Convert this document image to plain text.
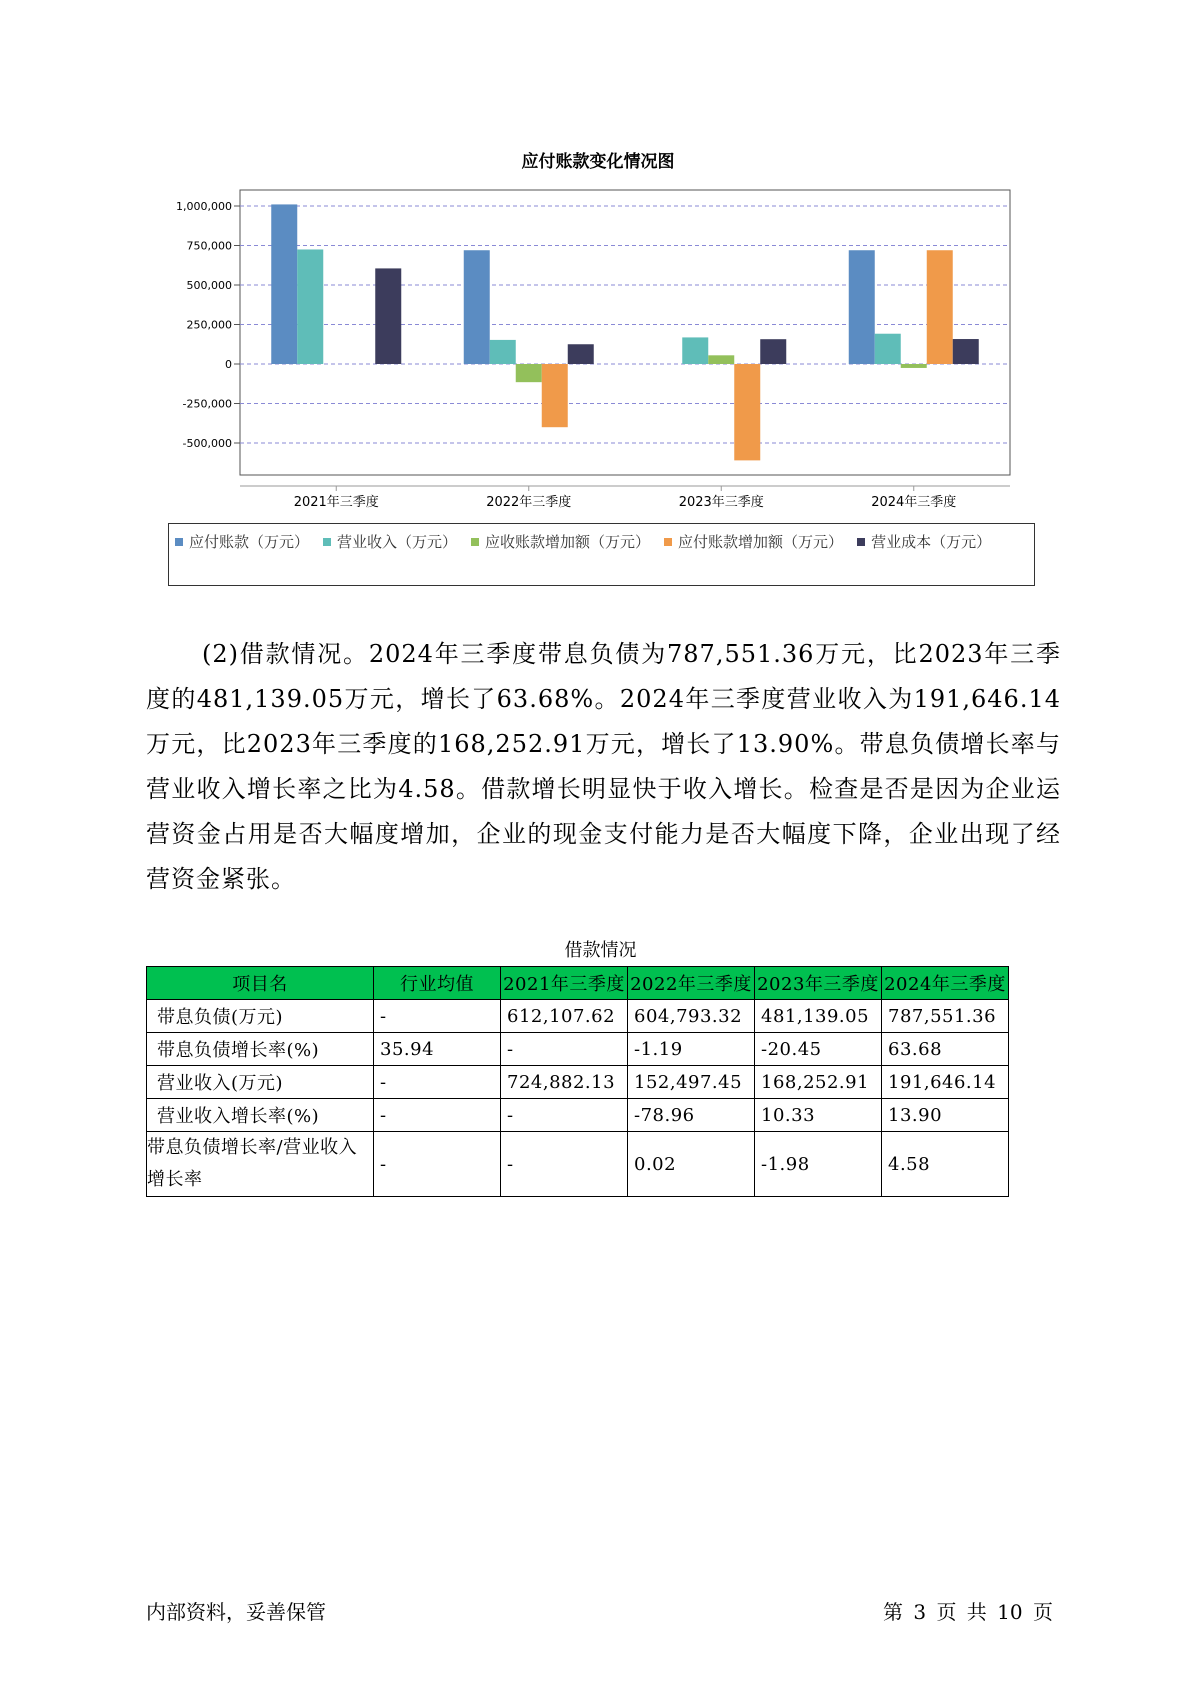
应付账款变化情况图
1,000,000
750,000
500,000
250,000
0
-250,000
-500,000
2021年三季度	2022年三季度	2023年三季度	2024年三季度
应付账款（万元） 营业收入（万元） 应收账款增加额（万元） 应付账款增加额（万元） 营业成本（万元）

(2)借款情况。2024年三季度带息负债为787,551.36万元，比2023年三季度的481,139.05万元，增长了63.68%。2024年三季度营业收入为191,646.14万元，比2023年三季度的168,252.91万元，增长了13.90%。带息负债增长率与营业收入增长率之比为4.58。借款增长明显快于收入增长。检查是否是因为企业运营资金占用是否大幅度增加，企业的现金支付能力是否大幅度下降，企业出现了经营资金紧张。

借款情况
项目名	行业均值	2021年三季度	2022年三季度	2023年三季度	2024年三季度
带息负债(万元)	-	612,107.62	604,793.32	481,139.05	787,551.36
带息负债增长率(%)	35.94	-	-1.19	-20.45	63.68
营业收入(万元)	-	724,882.13	152,497.45	168,252.91	191,646.14
营业收入增长率(%)	-	-	-78.96	10.33	13.90
带息负债增长率/营业收入增长率	-	-	0.02	-1.98	4.58
内部资料，妥善保管	第 3 页 共 10 页
